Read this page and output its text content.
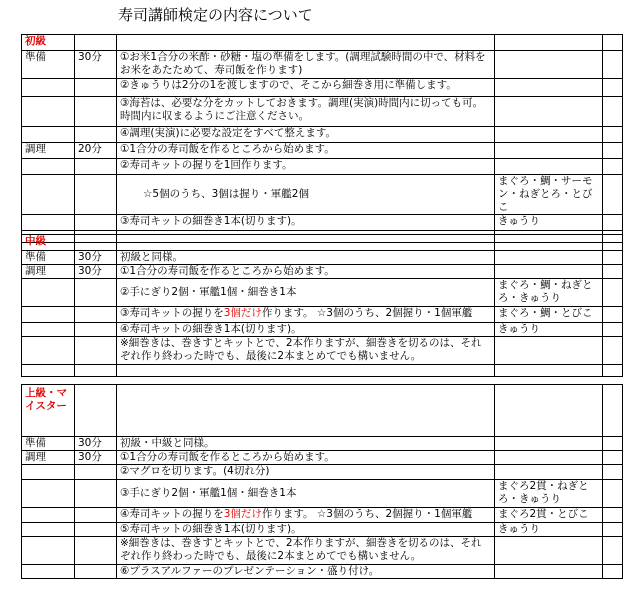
寿司講師検定の内容について
初級				
準備	30分	①お米1合分の米酢・砂糖・塩の準備をします。(調理試験時間の中で、材料をお米をあたためて、寿司飯を作ります)		
		②きゅうりは2分の1を渡しますので、そこから細巻き用に準備します。		
		③海苔は、必要な分をカットしておきます。調理(実演)時間内に切っても可。時間内に収まるようにご注意ください。		
		④調理(実演)に必要な設定をすべて整えます。		
調理	20分	①1合分の寿司飯を作るところから始めます。		
		②寿司キットの握りを1回作ります。		
		☆5個のうち、3個は握り・軍艦2個	まぐろ・鯛・サーモン・ねぎとろ・とびこ	
		③寿司キットの細巻き1本(切ります)。	きゅうり	

中級				
準備	30分	初級と同様。		
調理	30分	①1合分の寿司飯を作るところから始めます。		
		②手にぎり2個・軍艦1個・細巻き1本	まぐろ・鯛・ねぎとろ・きゅうり	
		③寿司キットの握りを3個だけ作ります。 ☆3個のうち、2個握り・1個軍艦	まぐろ・鯛・とびこ	
		④寿司キットの細巻き1本(切ります)。	きゅうり	
		※細巻きは、巻きすとキットとで、2本作りますが、細巻きを切るのは、それぞれ作り終わった時でも、最後に2本まとめてでも構いません。		

上級・マイスター				
準備	30分	初級・中級と同様。		
調理	30分	①1合分の寿司飯を作るところから始めます。		
		②マグロを切ります。(4切れ分)		
		③手にぎり2個・軍艦1個・細巻き1本	まぐろ2貫・ねぎとろ・きゅうり	
		④寿司キットの握りを3個だけ作ります。 ☆3個のうち、2個握り・1個軍艦	まぐろ2貫・とびこ	
		⑤寿司キットの細巻き1本(切ります)。	きゅうり	
		※細巻きは、巻きすとキットとで、2本作りますが、細巻きを切るのは、それぞれ作り終わった時でも、最後に2本まとめてでも構いません。		
		⑥プラスアルファーのプレゼンテーション・盛り付け。		
